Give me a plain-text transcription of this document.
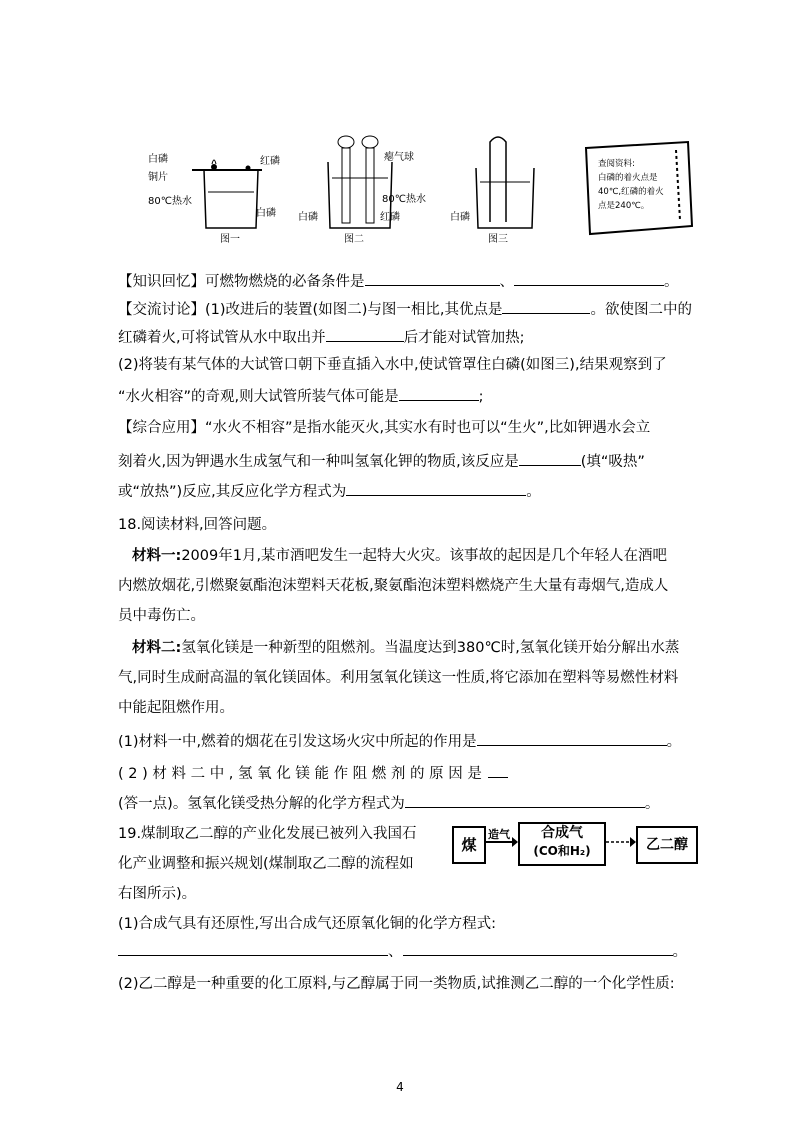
白磷
铜片
80℃热水
红磷
白磷
图一
瘪气球
80℃热水
白磷	红磷
图二
白磷
图三
查阅资料:
白磷的着火点是
40℃,红磷的着火
点是240℃。
【知识回忆】可燃物燃烧的必备条件是	、	。
【交流讨论】(1)改进后的装置(如图二)与图一相比,其优点是	。欲使图二中的
红磷着火,可将试管从水中取出并	后才能对试管加热;
(2)将装有某气体的大试管口朝下垂直插入水中,使试管罩住白磷(如图三),结果观察到了
“水火相容”的奇观,则大试管所装气体可能是	;
【综合应用】“水火不相容”是指水能灭火,其实水有时也可以“生火”,比如钾遇水会立
刻着火,因为钾遇水生成氢气和一种叫氢氧化钾的物质,该反应是	(填“吸热”
或“放热”)反应,其反应化学方程式为	。
18.阅读材料,回答问题。
材料一:2009年1月,某市酒吧发生一起特大火灾。该事故的起因是几个年轻人在酒吧
内燃放烟花,引燃聚氨酯泡沫塑料天花板,聚氨酯泡沫塑料燃烧产生大量有毒烟气,造成人
员中毒伤亡。
材料二:氢氧化镁是一种新型的阻燃剂。当温度达到380℃时,氢氧化镁开始分解出水蒸
气,同时生成耐高温的氧化镁固体。利用氢氧化镁这一性质,将它添加在塑料等易燃性材料
中能起阻燃作用。
(1)材料一中,燃着的烟花在引发这场火灾中所起的作用是	。
( 2 ) 材 料 二 中 , 氢 氧 化 镁 能 作 阻 燃 剂 的 原 因 是
(答一点)。氢氧化镁受热分解的化学方程式为	。
19.煤制取乙二醇的产业化发展已被列入我国石
化产业调整和振兴规划(煤制取乙二醇的流程如
右图所示)。
煤
造气	合成气
(CO和H₂)	乙二醇
(1)合成气具有还原性,写出合成气还原氧化铜的化学方程式:
、	。
(2)乙二醇是一种重要的化工原料,与乙醇属于同一类物质,试推测乙二醇的一个化学性质:
4
